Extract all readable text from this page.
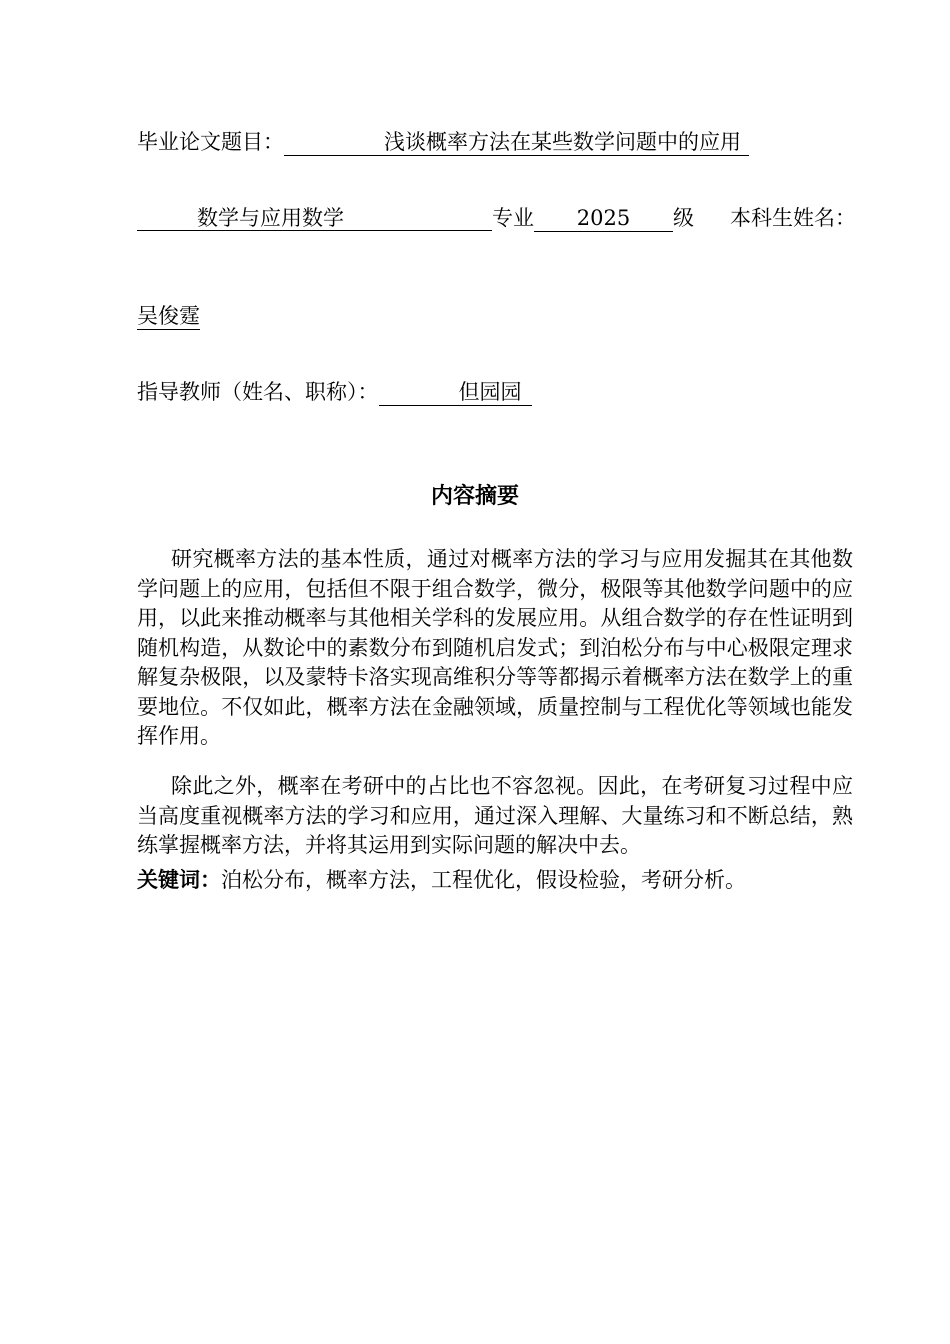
毕业论文题目：	浅谈概率方法在某些数学问题中的应用
数学与应用数学	专业 2025 级 本科生姓名：
吴俊霆
指导教师（姓名、职称）：	但园园
内容摘要

研究概率方法的基本性质，通过对概率方法的学习与应用发掘其在其他数学问题上的应用，包括但不限于组合数学，微分，极限等其他数学问题中的应用，以此来推动概率与其他相关学科的发展应用。从组合数学的存在性证明到随机构造，从数论中的素数分布到随机启发式；到泊松分布与中心极限定理求解复杂极限，以及蒙特卡洛实现高维积分等等都揭示着概率方法在数学上的重要地位。不仅如此，概率方法在金融领域，质量控制与工程优化等领域也能发挥作用。

除此之外，概率在考研中的占比也不容忽视。因此，在考研复习过程中应当高度重视概率方法的学习和应用，通过深入理解、大量练习和不断总结，熟练掌握概率方法，并将其运用到实际问题的解决中去。

关键词：泊松分布，概率方法，工程优化，假设检验，考研分析。
